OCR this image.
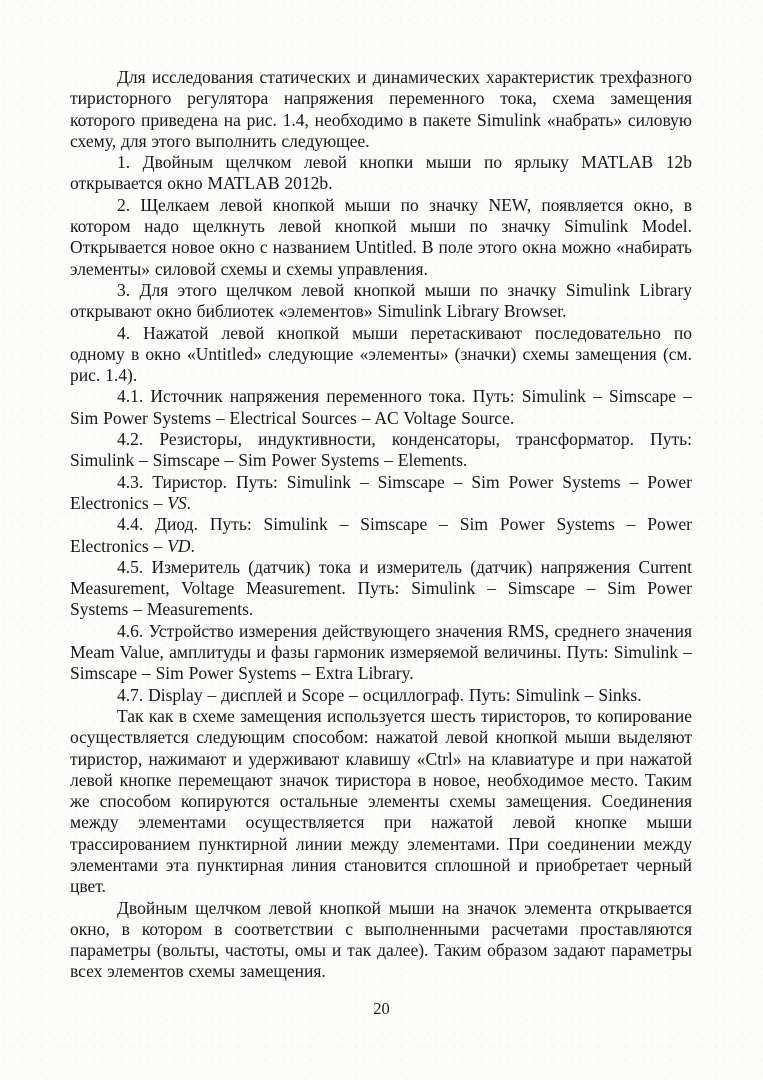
Для исследования статических и динамических характеристик трехфазного тиристорного регулятора напряжения переменного тока, схема замещения которого приведена на рис. 1.4, необходимо в пакете Simulink «набрать» силовую схему, для этого выполнить следующее.

1. Двойным щелчком левой кнопки мыши по ярлыку MATLAB 12b открывается окно MATLAB 2012b.

2. Щелкаем левой кнопкой мыши по значку NEW, появляется окно, в котором надо щелкнуть левой кнопкой мыши по значку Simulink Model. Открывается новое окно с названием Untitled. В поле этого окна можно «набирать элементы» силовой схемы и схемы управления.

3. Для этого щелчком левой кнопкой мыши по значку Simulink Library открывают окно библиотек «элементов» Simulink Library Browser.

4. Нажатой левой кнопкой мыши перетаскивают последовательно по одному в окно «Untitled» следующие «элементы» (значки) схемы замещения (см. рис. 1.4).

4.1. Источник напряжения переменного тока. Путь: Simulink – Simscape – Sim Power Systems – Electrical Sources – AC Voltage Source.

4.2. Резисторы, индуктивности, конденсаторы, трансформатор. Путь: Simulink – Simscape – Sim Power Systems – Elements.

4.3. Тиристор. Путь: Simulink – Simscape – Sim Power Systems – Power Electronics – VS.

4.4. Диод. Путь: Simulink – Simscape – Sim Power Systems – Power Electronics – VD.

4.5. Измеритель (датчик) тока и измеритель (датчик) напряжения Current Measurement, Voltage Measurement. Путь: Simulink – Simscape – Sim Power Systems – Measurements.

4.6. Устройство измерения действующего значения RMS, среднего значения Meam Value, амплитуды и фазы гармоник измеряемой величины. Путь: Simulink – Simscape – Sim Power Systems – Extra Library.

4.7. Display – дисплей и Scope – осциллограф. Путь: Simulink – Sinks.

Так как в схеме замещения используется шесть тиристоров, то копирование осуществляется следующим способом: нажатой левой кнопкой мыши выделяют тиристор, нажимают и удерживают клавишу «Ctrl» на клавиатуре и при нажатой левой кнопке перемещают значок тиристора в новое, необходимое место. Таким же способом копируются остальные элементы схемы замещения. Соединения между элементами осуществляется при нажатой левой кнопке мыши трассированием пунктирной линии между элементами. При соединении между элементами эта пунктирная линия становится сплошной и приобретает черный цвет.

Двойным щелчком левой кнопкой мыши на значок элемента открывается окно, в котором в соответствии с выполненными расчетами проставляются параметры (вольты, частоты, омы и так далее). Таким образом задают параметры всех элементов схемы замещения.

20
